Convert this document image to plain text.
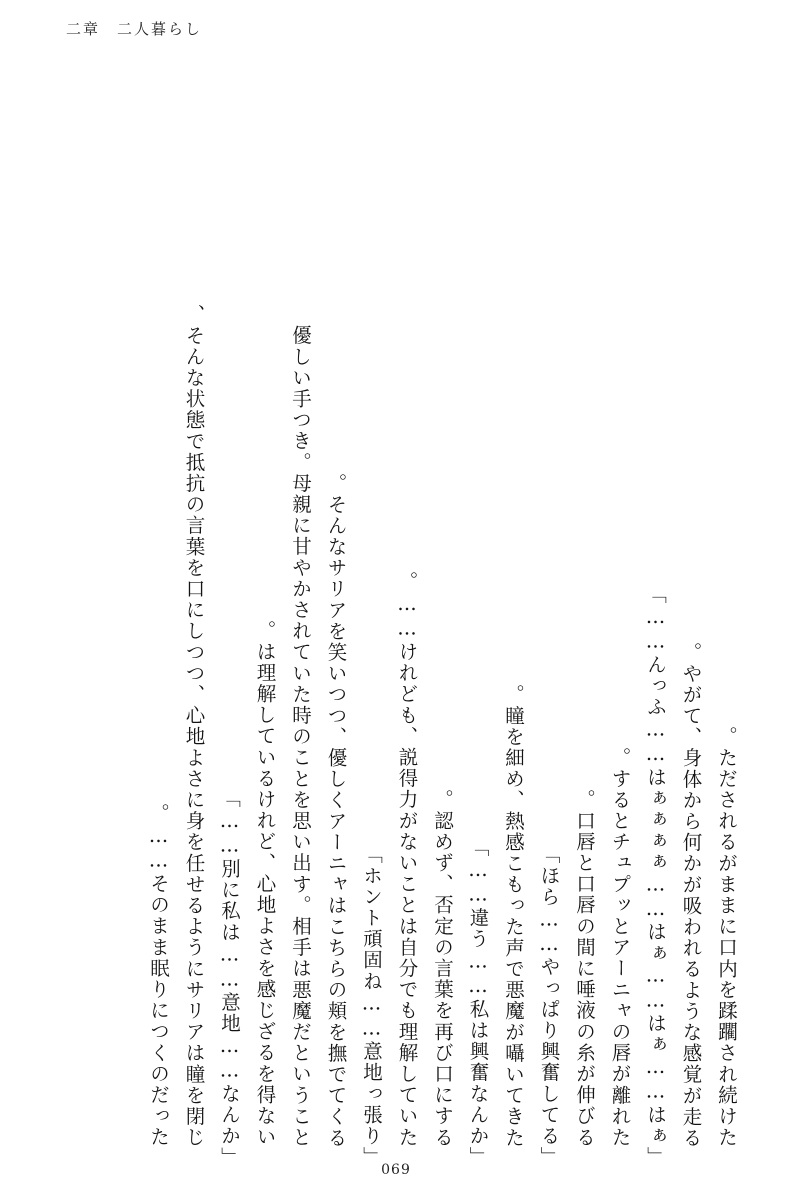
二章　二人暮らし
ただされるがままに口内を蹂躙され続けた。
やがて、身体から何かが吸われるような感覚が走る。
「んっふ……はぁぁぁぁ……はぁ……はぁ……はぁ……」
するとチュプッとアーニャの唇が離れた。
口唇と口唇の間に唾液の糸が伸びる。
「ほら……やっぱり興奮してる」
瞳を細め、熱感こもった声で悪魔が囁いてきた。
「違う……私は興奮なんか……」
認めず、否定の言葉を再び口にする。
けれども、説得力がないことは自分でも理解していた……。
「ホント頑固ね……意地っ張り」
そんなサリアを笑いつつ、優しくアーニャはこちらの頬を撫でてくる。
優しい手つき。母親に甘やかされていた時のことを思い出す。相手は悪魔だということ
は理解しているけれど、心地よさを感じざるを得ない。
「別に私は……意地……なんか……」
そんな状態で抵抗の言葉を口にしつつ、心地よさに身を任せるようにサリアは瞳を閉じ、
そのまま眠りにつくのだった……。
069
